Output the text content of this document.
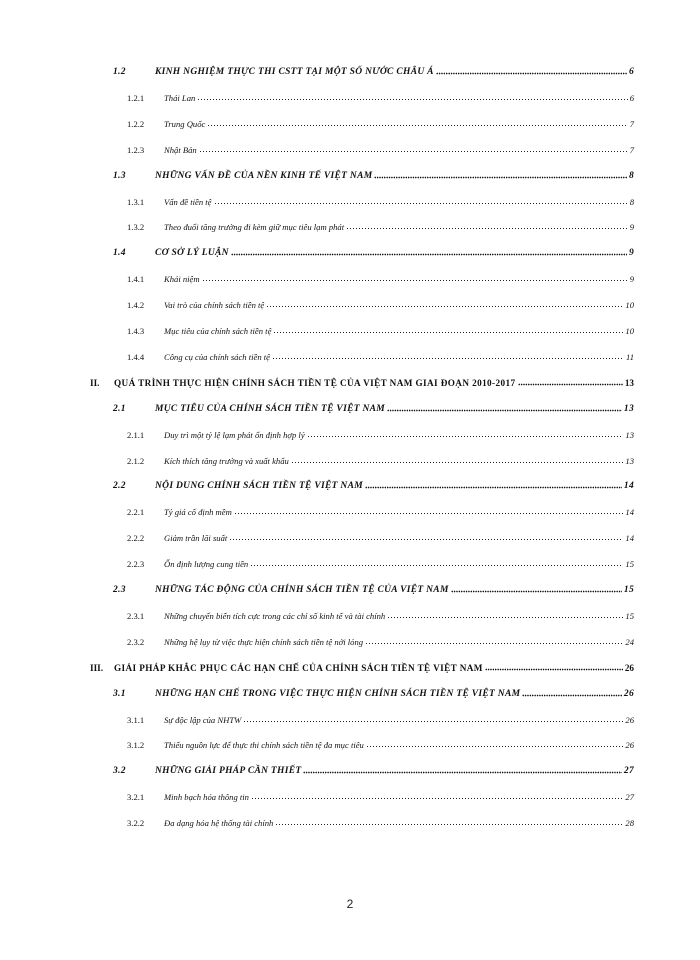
1.2	KINH NGHIỆM THỰC THI CSTT TẠI MỘT SỐ NƯỚC CHÂU Á	6
1.2.1	Thái Lan	6
1.2.2	Trung Quốc	7
1.2.3	Nhật Bản	7
1.3	NHỮNG VẤN ĐỀ CỦA NỀN KINH TẾ VIỆT NAM	8
1.3.1	Vấn đề tiền tệ	8
1.3.2	Theo đuổi tăng trưởng đi kèm giữ mục tiêu lạm phát	9
1.4	CƠ SỞ LÝ LUẬN	9
1.4.1	Khái niệm	9
1.4.2	Vai trò của chính sách tiền tệ	10
1.4.3	Mục tiêu của chính sách tiền tệ	10
1.4.4	Công cụ của chính sách tiền tệ	11
II.	QUÁ TRÌNH THỰC HIỆN CHÍNH SÁCH TIỀN TỆ CỦA VIỆT NAM GIAI ĐOẠN 2010-2017	13
2.1	MỤC TIÊU CỦA CHÍNH SÁCH TIỀN TỆ VIỆT NAM	13
2.1.1	Duy trì một tỷ lệ lạm phát ổn định hợp lý	13
2.1.2	Kích thích tăng trưởng và xuất khẩu	13
2.2	NỘI DUNG CHÍNH SÁCH TIỀN TỆ VIỆT NAM	14
2.2.1	Tỷ giá cố định mềm	14
2.2.2	Giảm trần lãi suất	14
2.2.3	Ổn định lượng cung tiền	15
2.3	NHỮNG TÁC ĐỘNG CỦA CHÍNH SÁCH TIỀN TỆ CỦA VIỆT NAM	15
2.3.1	Những chuyển biến tích cực trong các chỉ số kinh tế và tài chính	15
2.3.2	Những hệ lụy từ việc thực hiện chính sách tiền tệ nới lỏng	24
III.	GIẢI PHÁP KHẮC PHỤC CÁC HẠN CHẾ CỦA CHÍNH SÁCH TIỀN TỆ VIỆT NAM	26
3.1	NHỮNG HẠN CHẾ TRONG VIỆC THỰC HIỆN CHÍNH SÁCH TIỀN TỆ VIỆT NAM	26
3.1.1	Sự độc lập của NHTW	26
3.1.2	Thiếu nguồn lực để thực thi chính sách tiền tệ đa mục tiêu	26
3.2	NHỮNG GIẢI PHÁP CẦN THIẾT	27
3.2.1	Minh bạch hóa thông tin	27
3.2.2	Đa dạng hóa hệ thống tài chính	28
2
